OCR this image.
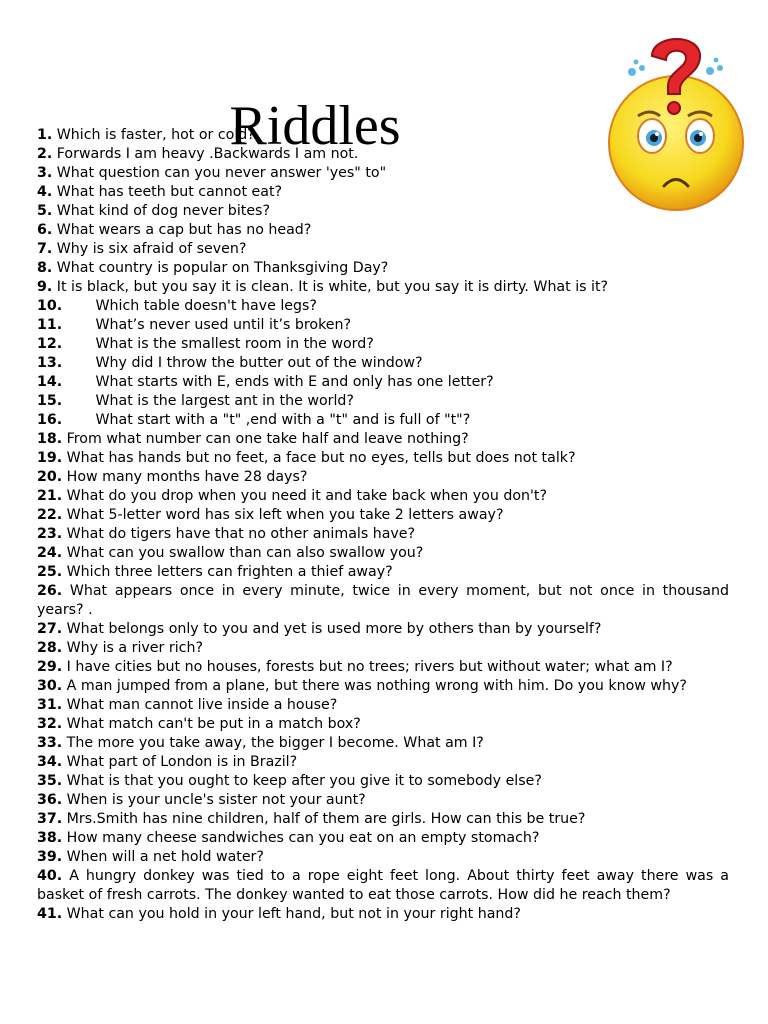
Riddles
1. Which is faster, hot or cold?
2. Forwards I am heavy .Backwards I am not.
3. What question can you never answer 'yes" to"
4. What has teeth but cannot eat?
5. What kind of dog never bites?
6. What wears a cap but has no head?
7. Why is six afraid of seven?
8. What country is popular on Thanksgiving Day?
9. It is black, but you say it is clean. It is white, but you say it is dirty. What is it?
10. Which table doesn't have legs?
11. What’s never used until it’s broken?
12. What is the smallest room in the word?
13. Why did I throw the butter out of the window?
14. What starts with E, ends with E and only has one letter?
15. What is the largest ant in the world?
16. What start with a "t" ,end with a "t" and is full of "t"?
18. From what number can one take half and leave nothing?
19. What has hands but no feet, a face but no eyes, tells but does not talk?
20. How many months have 28 days?
21. What do you drop when you need it and take back when you don't?
22. What 5-letter word has six left when you take 2 letters away?
23. What do tigers have that no other animals have?
24. What can you swallow than can also swallow you?
25. Which three letters can frighten a thief away?
26. What appears once in every minute, twice in every moment, but not once in thousand years? .
27. What belongs only to you and yet is used more by others than by yourself?
28. Why is a river rich?
29. I have cities but no houses, forests but no trees; rivers but without water; what am I?
30. A man jumped from a plane, but there was nothing wrong with him. Do you know why?
31. What man cannot live inside a house?
32. What match can't be put in a match box?
33. The more you take away, the bigger I become. What am I?
34. What part of London is in Brazil?
35. What is that you ought to keep after you give it to somebody else?
36. When is your uncle's sister not your aunt?
37. Mrs.Smith has nine children, half of them are girls. How can this be true?
38. How many cheese sandwiches can you eat on an empty stomach?
39. When will a net hold water?
40. A hungry donkey was tied to a rope eight feet long. About thirty feet away there was a basket of fresh carrots. The donkey wanted to eat those carrots. How did he reach them?
41. What can you hold in your left hand, but not in your right hand?
